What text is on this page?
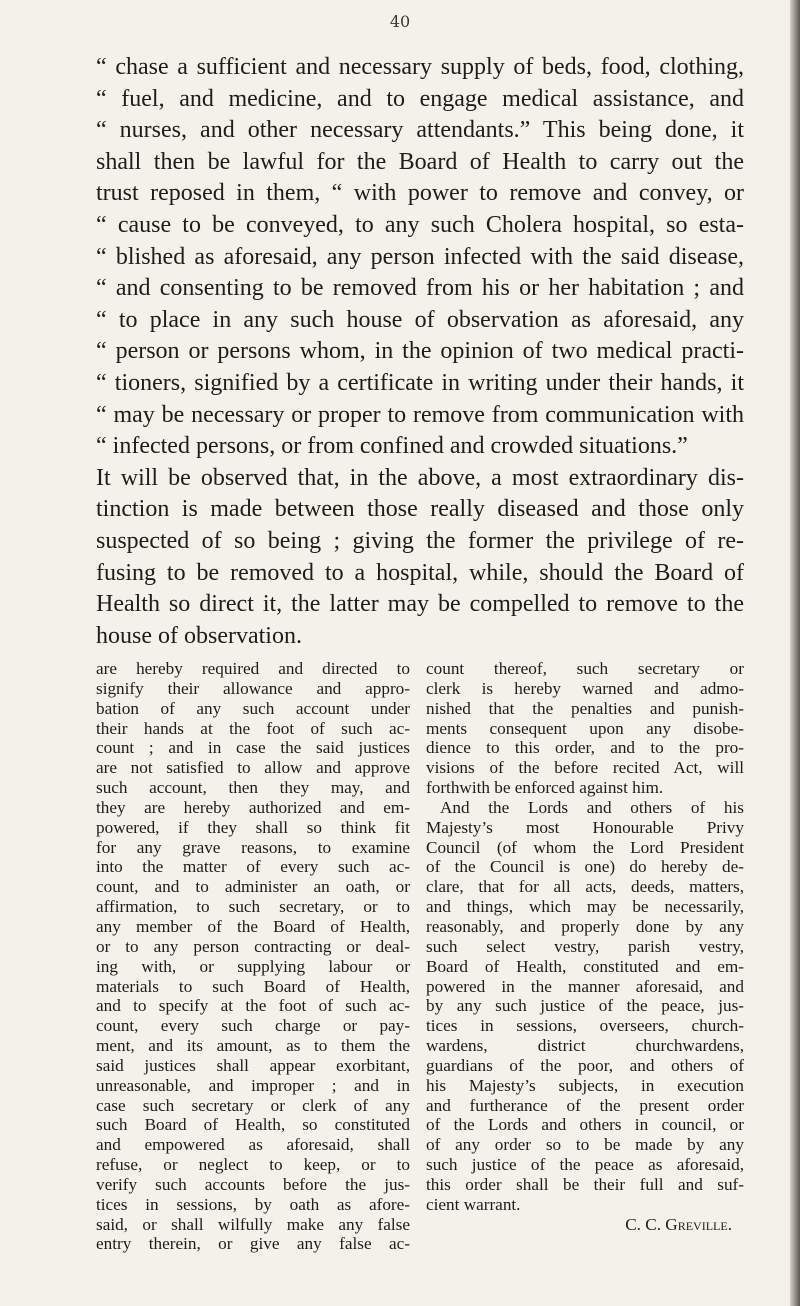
40
“ chase a sufficient and necessary supply of beds, food, clothing,
“ fuel, and medicine, and to engage medical assistance, and
“ nurses, and other necessary attendants.” This being done, it
shall then be lawful for the Board of Health to carry out the
trust reposed in them, “ with power to remove and convey, or
“ cause to be conveyed, to any such Cholera hospital, so esta-
“ blished as aforesaid, any person infected with the said disease,
“ and consenting to be removed from his or her habitation ; and
“ to place in any such house of observation as aforesaid, any
“ person or persons whom, in the opinion of two medical practi-
“ tioners, signified by a certificate in writing under their hands, it
“ may be necessary or proper to remove from communication with
“ infected persons, or from confined and crowded situations.”
It will be observed that, in the above, a most extraordinary dis-
tinction is made between those really diseased and those only
suspected of so being ; giving the former the privilege of re-
fusing to be removed to a hospital, while, should the Board of
Health so direct it, the latter may be compelled to remove to the
house of observation.
are hereby required and directed to
signify their allowance and appro-
bation of any such account under
their hands at the foot of such ac-
count ; and in case the said justices
are not satisfied to allow and approve
such account, then they may, and
they are hereby authorized and em-
powered, if they shall so think fit
for any grave reasons, to examine
into the matter of every such ac-
count, and to administer an oath, or
affirmation, to such secretary, or to
any member of the Board of Health,
or to any person contracting or deal-
ing with, or supplying labour or
materials to such Board of Health,
and to specify at the foot of such ac-
count, every such charge or pay-
ment, and its amount, as to them the
said justices shall appear exorbitant,
unreasonable, and improper ; and in
case such secretary or clerk of any
such Board of Health, so constituted
and empowered as aforesaid, shall
refuse, or neglect to keep, or to
verify such accounts before the jus-
tices in sessions, by oath as afore-
said, or shall wilfully make any false
entry therein, or give any false ac-
count thereof, such secretary or
clerk is hereby warned and admo-
nished that the penalties and punish-
ments consequent upon any disobe-
dience to this order, and to the pro-
visions of the before recited Act, will
forthwith be enforced against him.
And the Lords and others of his
Majesty’s most Honourable Privy
Council (of whom the Lord President
of the Council is one) do hereby de-
clare, that for all acts, deeds, matters,
and things, which may be necessarily,
reasonably, and properly done by any
such select vestry, parish vestry,
Board of Health, constituted and em-
powered in the manner aforesaid, and
by any such justice of the peace, jus-
tices in sessions, overseers, church-
wardens, district churchwardens,
guardians of the poor, and others of
his Majesty’s subjects, in execution
and furtherance of the present order
of the Lords and others in council, or
of any order so to be made by any
such justice of the peace as aforesaid,
this order shall be their full and suf-
cient warrant.
C. C. Greville.
